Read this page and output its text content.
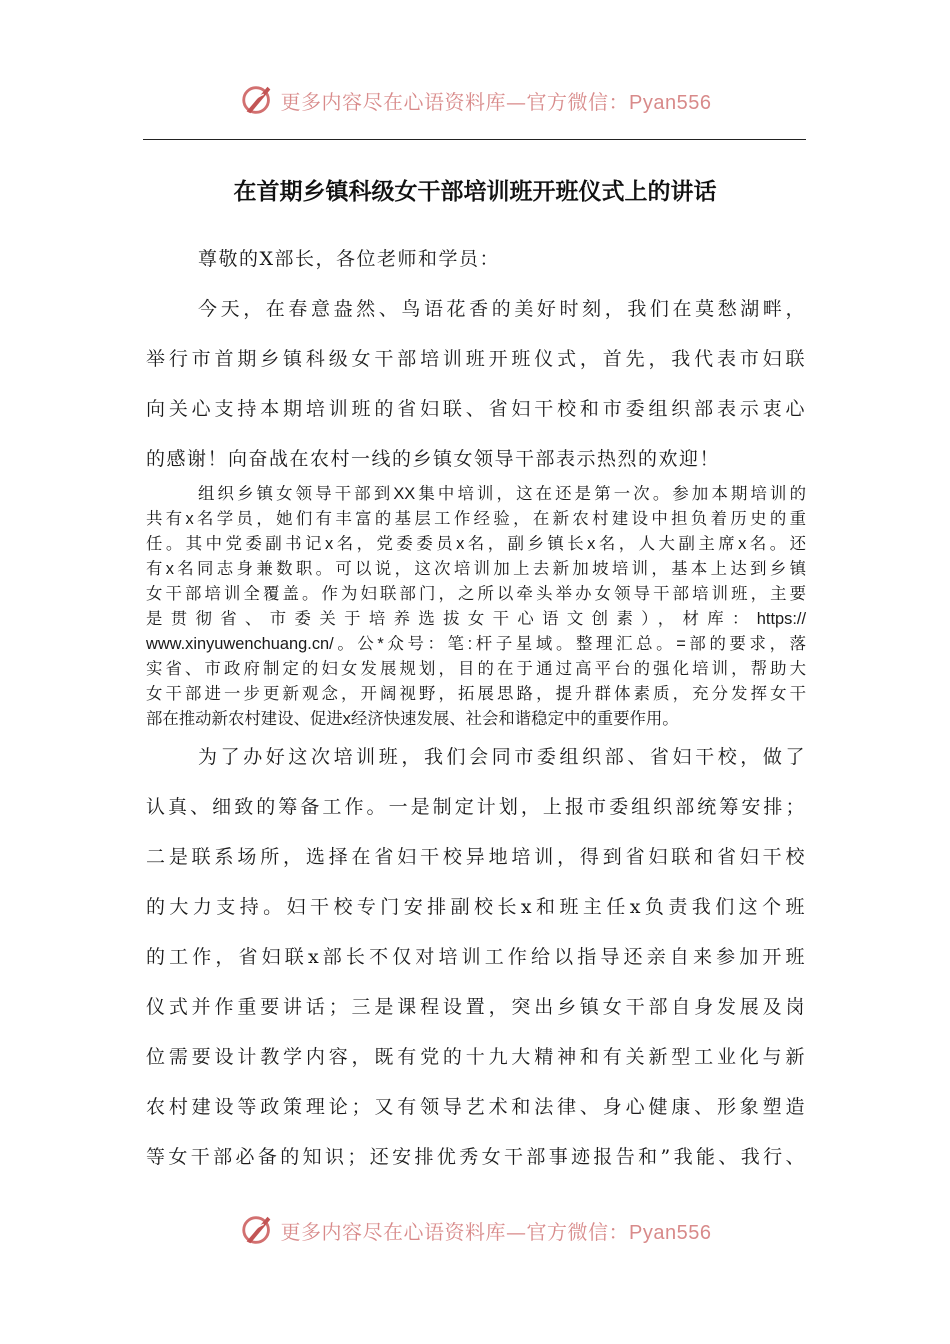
更多内容尽在心语资料库—官方微信：Pyan556
在首期乡镇科级女干部培训班开班仪式上的讲话
尊敬的X部长，各位老师和学员：
今天，在春意盎然、鸟语花香的美好时刻，我们在莫愁湖畔，
举行市首期乡镇科级女干部培训班开班仪式，首先，我代表市妇联
向关心支持本期培训班的省妇联、省妇干校和市委组织部表示衷心
的感谢！向奋战在农村一线的乡镇女领导干部表示热烈的欢迎！
组织乡镇女领导干部到XX集中培训，这在还是第一次。参加本期培训的
共有x名学员，她们有丰富的基层工作经验，在新农村建设中担负着历史的重
任。其中党委副书记x名，党委委员x名，副乡镇长x名，人大副主席x名。还
有x名同志身兼数职。可以说，这次培训加上去新加坡培训，基本上达到乡镇
女干部培训全覆盖。作为妇联部门，之所以牵头举办女领导干部培训班，主要
是贯彻省、市委关于培养选拔女干心语文创素），材库：https://
www.xinyuwenchuang.cn/。公*众号：笔:杆子星域。整理汇总。=部的要求，落
实省、市政府制定的妇女发展规划，目的在于通过高平台的强化培训，帮助大
女干部进一步更新观念，开阔视野，拓展思路，提升群体素质，充分发挥女干
部在推动新农村建设、促进x经济快速发展、社会和谐稳定中的重要作用。
为了办好这次培训班，我们会同市委组织部、省妇干校，做了
认真、细致的筹备工作。一是制定计划，上报市委组织部统筹安排；
二是联系场所，选择在省妇干校异地培训，得到省妇联和省妇干校
的大力支持。妇干校专门安排副校长x和班主任x负责我们这个班
的工作，省妇联x部长不仅对培训工作给以指导还亲自来参加开班
仪式并作重要讲话；三是课程设置，突出乡镇女干部自身发展及岗
位需要设计教学内容，既有党的十九大精神和有关新型工业化与新
农村建设等政策理论；又有领导艺术和法律、身心健康、形象塑造
等女干部必备的知识；还安排优秀女干部事迹报告和”我能、我行、
更多内容尽在心语资料库—官方微信：Pyan556
